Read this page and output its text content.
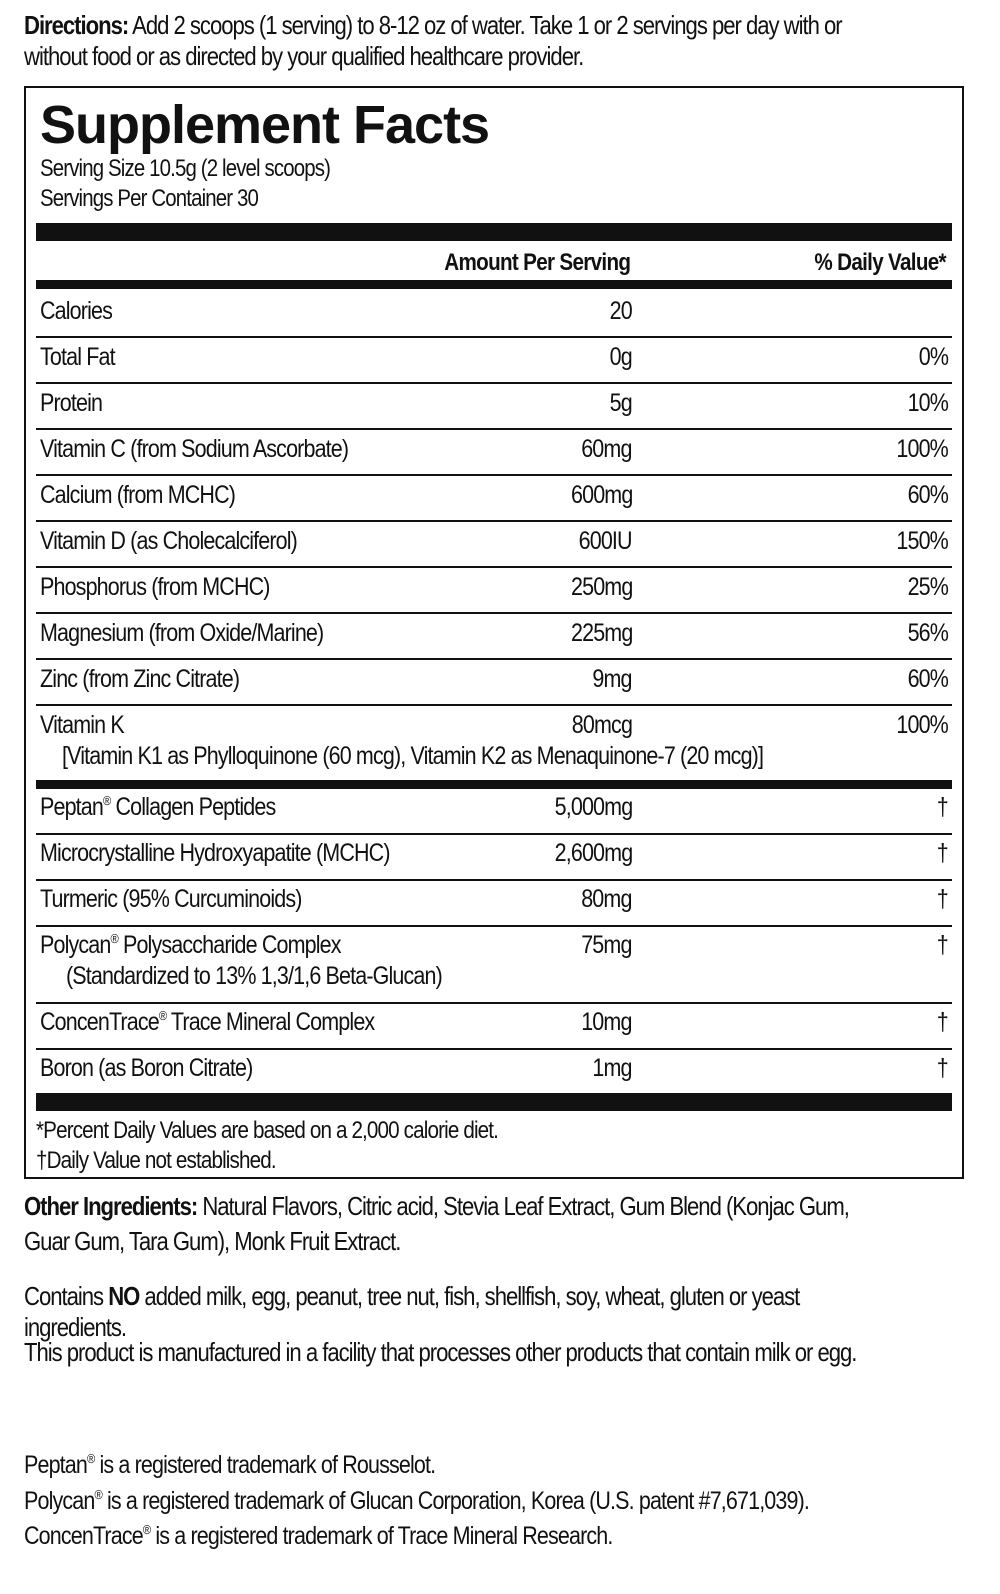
Directions: Add 2 scoops (1 serving) to 8-12 oz of water. Take 1 or 2 servings per day with or without food or as directed by your qualified healthcare provider.
Supplement Facts
Serving Size 10.5g (2 level scoops)
Servings Per Container 30
Amount Per Serving	% Daily Value*
*Percent Daily Values are based on a 2,000 calorie diet.
†Daily Value not established.
Calories	20
Total Fat	0g	0%
Protein	5g	10%
Vitamin C (from Sodium Ascorbate)	60mg	100%
Calcium (from MCHC)	600mg	60%
Vitamin D (as Cholecalciferol)	600IU	150%
Phosphorus (from MCHC)	250mg	25%
Magnesium (from Oxide/Marine)	225mg	56%
Zinc (from Zinc Citrate)	9mg	60%
Vitamin K	80mcg	100%
[Vitamin K1 as Phylloquinone (60 mcg), Vitamin K2 as Menaquinone-7 (20 mcg)]
Peptan® Collagen Peptides	5,000mg	†
Microcrystalline Hydroxyapatite (MCHC)	2,600mg	†
Turmeric (95% Curcuminoids)	80mg	†
Polycan® Polysaccharide Complex	75mg	†
(Standardized to 13% 1,3/1,6 Beta-Glucan)
ConcenTrace® Trace Mineral Complex	10mg	†
Boron (as Boron Citrate)	1mg	†
Other Ingredients: Natural Flavors, Citric acid, Stevia Leaf Extract, Gum Blend (Konjac Gum, Guar Gum, Tara Gum), Monk Fruit Extract.
Contains NO added milk, egg, peanut, tree nut, fish, shellfish, soy, wheat, gluten or yeast ingredients.
This product is manufactured in a facility that processes other products that contain milk or egg.
Peptan® is a registered trademark of Rousselot.
Polycan® is a registered trademark of Glucan Corporation, Korea (U.S. patent #7,671,039).
ConcenTrace® is a registered trademark of Trace Mineral Research.
